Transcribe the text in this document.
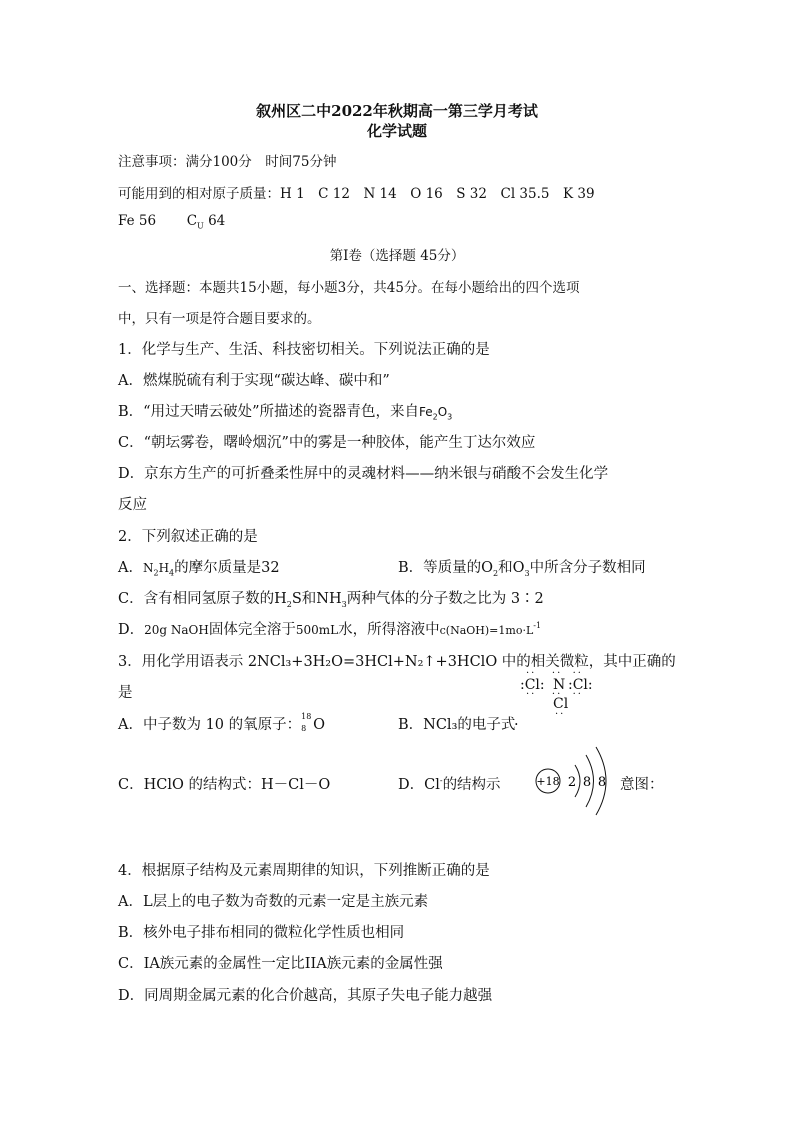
叙州区二中2022年秋期高一第三学月考试
化学试题
注意事项：满分100分　时间75分钟
可能用到的相对原子质量：H 1　C 12　N 14　O 16　S 32　Cl 35.5　K 39
Fe 56 $C_U$ 64
第Ⅰ卷（选择题 45分）
一、选择题：本题共15小题，每小题3分，共45分。在每小题给出的四个选项
中，只有一项是符合题目要求的。
1．化学与生产、生活、科技密切相关。下列说法正确的是
A．燃煤脱硫有利于实现“碳达峰、碳中和”
B．“用过天晴云破处”所描述的瓷器青色，来自$Fe_2O_3$
C．“朝坛雾卷，曙岭烟沉”中的雾是一种胶体，能产生丁达尔效应
D．京东方生产的可折叠柔性屏中的灵魂材料——纳米银与硝酸不会发生化学
反应
2．下列叙述正确的是
A．$N_2H_4$的摩尔质量是32	B．等质量的$O_2$和$O_3$中所含分子数相同
C．含有相同氢原子数的$H_2S$和$NH_3$两种气体的分子数之比为 3∶2
D．20g NaOH固体完全溶于500mL水，所得溶液中$c(NaOH)=1mo\cdot L^{-1}$
3．用化学用语表示 2NCl₃+3H₂O=3HCl+N₂↑+3HClO 中的相关微粒，其中正确的
是
··   ··  ··
:Cl: N :Cl:
··   ··  ··
Cl
··
A．中子数为 10 的氧原子：
18
8 O	B．NCl₃的电子式
.
C．HClO 的结构式：H－Cl－O	D．Cl-的结构示	+18 2 8 8 意图：
4．根据原子结构及元素周期律的知识，下列推断正确的是
A．L层上的电子数为奇数的元素一定是主族元素
B．核外电子排布相同的微粒化学性质也相同
C．IA族元素的金属性一定比IIA族元素的金属性强
D．同周期金属元素的化合价越高，其原子失电子能力越强
